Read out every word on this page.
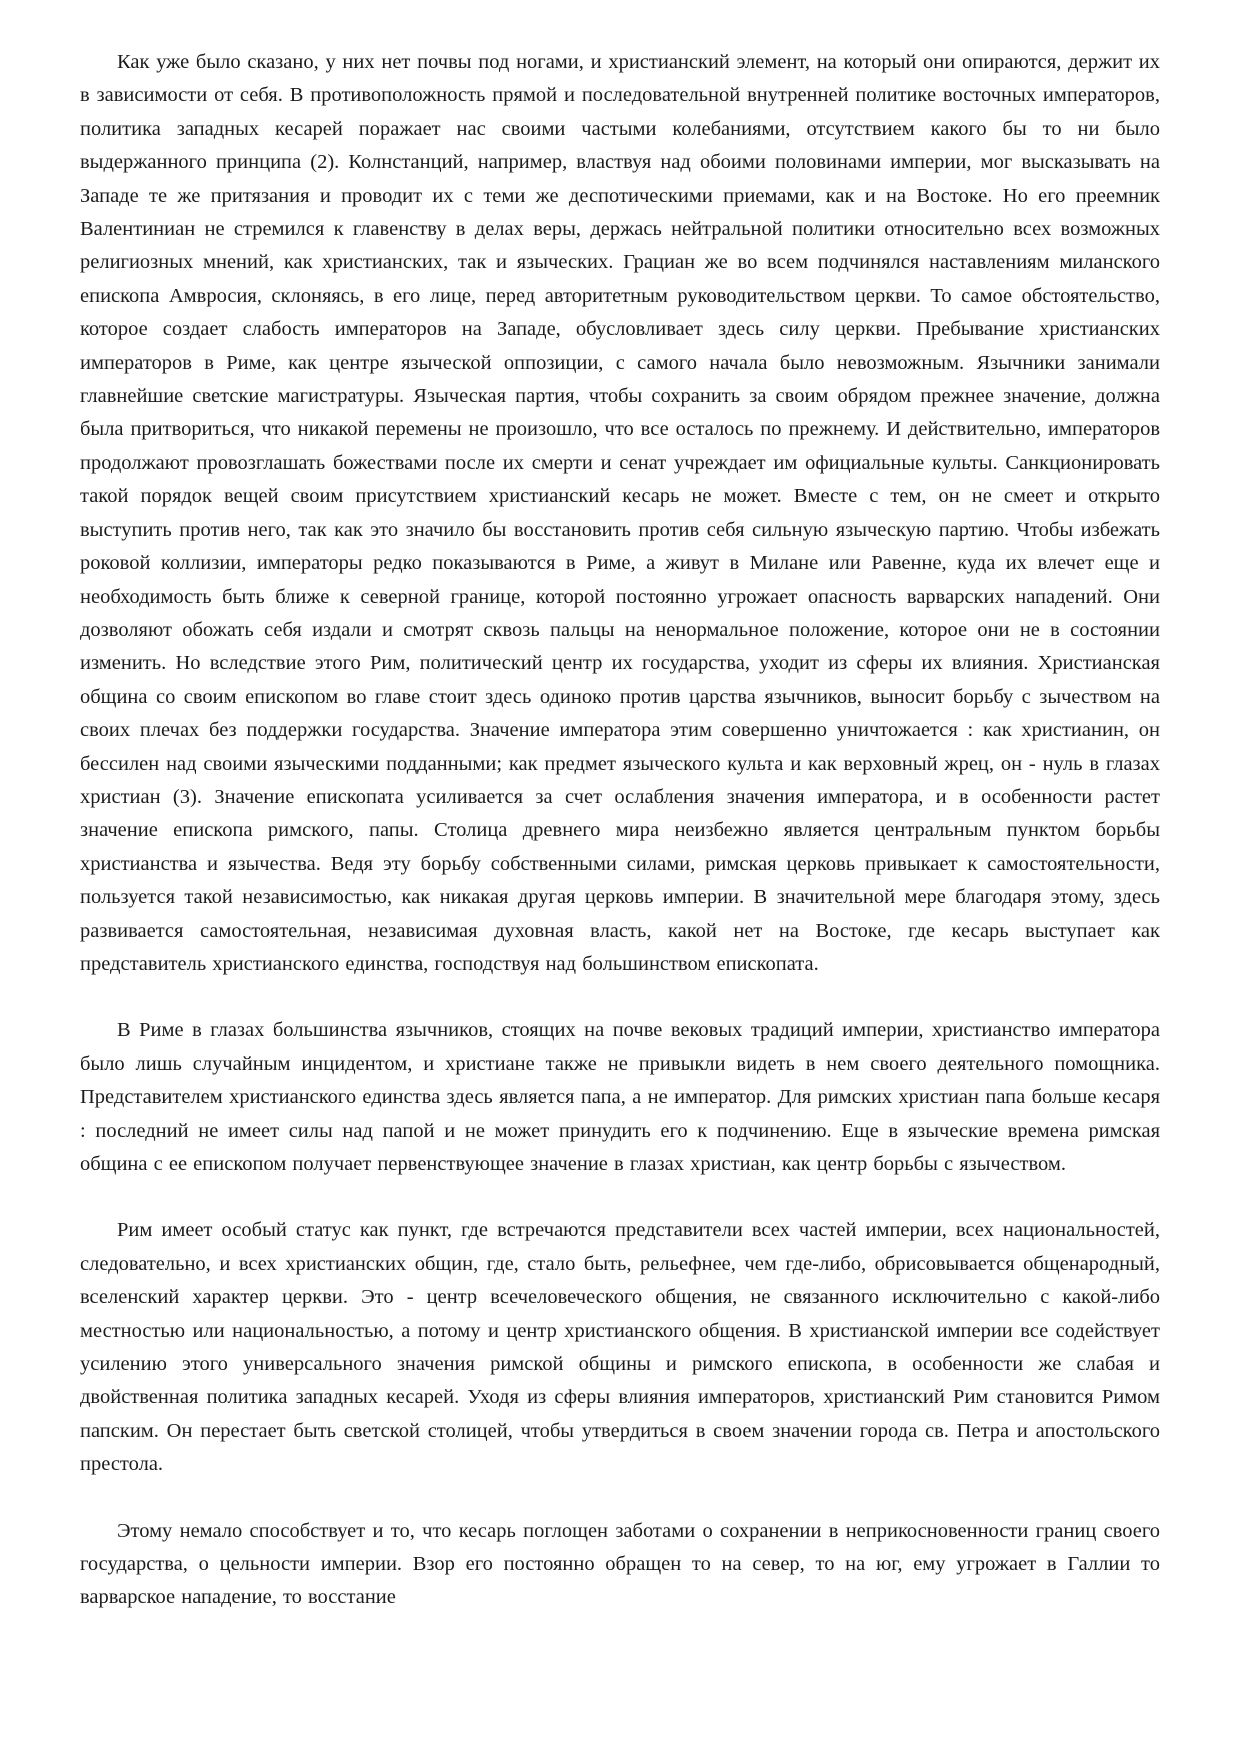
Как уже было сказано, у них нет почвы под ногами, и христианский элемент, на который они опираются, держит их в зависимости от себя. В противоположность прямой и последовательной внутренней политике восточных императоров, политика западных кесарей поражает нас своими частыми колебаниями, отсутствием какого бы то ни было выдержанного принципа (2). Колнстанций, например, властвуя над обоими половинами империи, мог высказывать на Западе те же притязания и проводит их с теми же деспотическими приемами, как и на Востоке. Но его преемник Валентиниан не стремился к главенству в делах веры, держась нейтральной политики относительно всех возможных религиозных мнений, как христианских, так и языческих. Грациан же во всем подчинялся наставлениям миланского епископа Амвросия, склоняясь, в его лице, перед авторитетным руководительством церкви. То самое обстоятельство, которое создает слабость императоров на Западе, обусловливает здесь силу церкви. Пребывание христианских императоров в Риме, как центре языческой оппозиции, с самого начала было невозможным. Язычники занимали главнейшие светские магистратуры. Языческая партия, чтобы сохранить за своим обрядом прежнее значение, должна была притвориться, что никакой перемены не произошло, что все осталось по прежнему. И действительно, императоров продолжают провозглашать божествами после их смерти и сенат учреждает им официальные культы. Санкционировать такой порядок вещей своим присутствием христианский кесарь не может. Вместе с тем, он не смеет и открыто выступить против него, так как это значило бы восстановить против себя сильную языческую партию. Чтобы избежать роковой коллизии, императоры редко показываются в Риме, а живут в Милане или Равенне, куда их влечет еще и необходимость быть ближе к северной границе, которой постоянно угрожает опасность варварских нападений. Они дозволяют обожать себя издали и смотрят сквозь пальцы на ненормальное положение, которое они не в состоянии изменить. Но вследствие этого Рим, политический центр их государства, уходит из сферы их влияния. Христианская община со своим епископом во главе стоит здесь одиноко против царства язычников, выносит борьбу с зычеством на своих плечах без поддержки государства. Значение императора этим совершенно уничтожается : как христианин, он бессилен над своими языческими подданными; как предмет языческого культа и как верховный жрец, он - нуль в глазах христиан (3). Значение епископата усиливается за счет ослабления значения императора, и в особенности растет значение епископа римского, папы. Столица древнего мира неизбежно является центральным пунктом борьбы христианства и язычества. Ведя эту борьбу собственными силами, римская церковь привыкает к самостоятельности, пользуется такой независимостью, как никакая другая церковь империи. В значительной мере благодаря этому, здесь развивается самостоятельная, независимая духовная власть, какой нет на Востоке, где кесарь выступает как представитель христианского единства, господствуя над большинством епископата.

В Риме в глазах большинства язычников, стоящих на почве вековых традиций империи, христианство императора было лишь случайным инцидентом, и христиане также не привыкли видеть в нем своего деятельного помощника. Представителем христианского единства здесь является папа, а не император. Для римских христиан папа больше кесаря : последний не имеет силы над папой и не может принудить его к подчинению. Еще в языческие времена римская община с ее епископом получает первенствующее значение в глазах христиан, как центр борьбы с язычеством.

Рим имеет особый статус как пункт, где встречаются представители всех частей империи, всех национальностей, следовательно, и всех христианских общин, где, стало быть, рельефнее, чем где-либо, обрисовывается общенародный, вселенский характер церкви. Это - центр всечеловеческого общения, не связанного исключительно с какой-либо местностью или национальностью, а потому и центр христианского общения. В христианской империи все содействует усилению этого универсального значения римской общины и римского епископа, в особенности же слабая и двойственная политика западных кесарей. Уходя из сферы влияния императоров, христианский Рим становится Римом папским. Он перестает быть светской столицей, чтобы утвердиться в своем значении города св. Петра и апостольского престола.

Этому немало способствует и то, что кесарь поглощен заботами о сохранении в неприкосновенности границ своего государства, о цельности империи. Взор его постоянно обращен то на север, то на юг, ему угрожает в Галлии то варварское нападение, то восстание
